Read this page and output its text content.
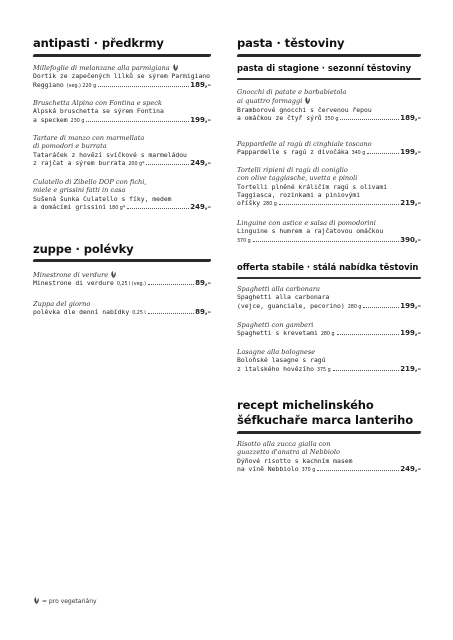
antipasti · předkrmy
Millefoglie di melanzane alla parmigiana
Dortík ze zapečených lilků se sýrem Parmigiano
Reggiano (veg.) 220 g	189,–
Bruschetta Alpina con Fontina e speck
Alpská bruschetta se sýrem Fontina
a speckem 230 g	199,–
Tartare di manzo con marmellata
di pomodori e burrata
Tataráček z hovězí svíčkové s marmeládou
z rajčat a sýrem burrata 200 g*	249,–
Culatello di Zibello DOP con fichi,
miele e grissini fatti in casa
Sušená šunka Culatello s fíky, medem
a domácími grissini 180 g*	249,–
zuppe · polévky
Minestrone di verdure
Minestrone di verdure 0,25 l (veg.)	89,–
Zuppa del giorno
polévka dle denní nabídky 0,25 l	89,–
pasta · těstoviny
pasta di stagione · sezonní těstoviny
Gnocchi di patate e barbabietola
ai quattro formaggi
Bramborové gnocchi s červenou řepou
a omáčkou ze čtyř sýrů 350 g	189,–
Pappardelle al ragù di cinghiale toscano
Pappardelle s ragú z divočáka 340 g	199,–
Tortelli ripieni di ragù di coniglio
con olive taggiasche, uvetta e pinoli
Tortelli plněné králičím ragú s olivami
Taggiasca, rozinkami a piniovými
oříšky 280 g	219,–
Linguine con astice e salsa di pomodorini
Linguine s humrem a rajčatovou omáčkou
370 g	390,–
offerta stabile · stálá nabídka těstovin
Spaghetti alla carbonara
Spaghetti alla carbonara
(vejce, guanciale, pecorino) 280 g	199,–
Spaghetti con gamberi
Spaghetti s krevetami 280 g	199,–
Lasagne alla bolognese
Boloňské lasagne s ragú
z italského hovězího 375 g	219,–
recept michelinského
šéfkuchaře marca lanteriho
Risotto alla zucca gialla con
guazzetto d'anatra al Nebbiolo
Dýňové risotto s kachním masem
na víně Nebbiolo 370 g	249,–
= pro vegetariány
